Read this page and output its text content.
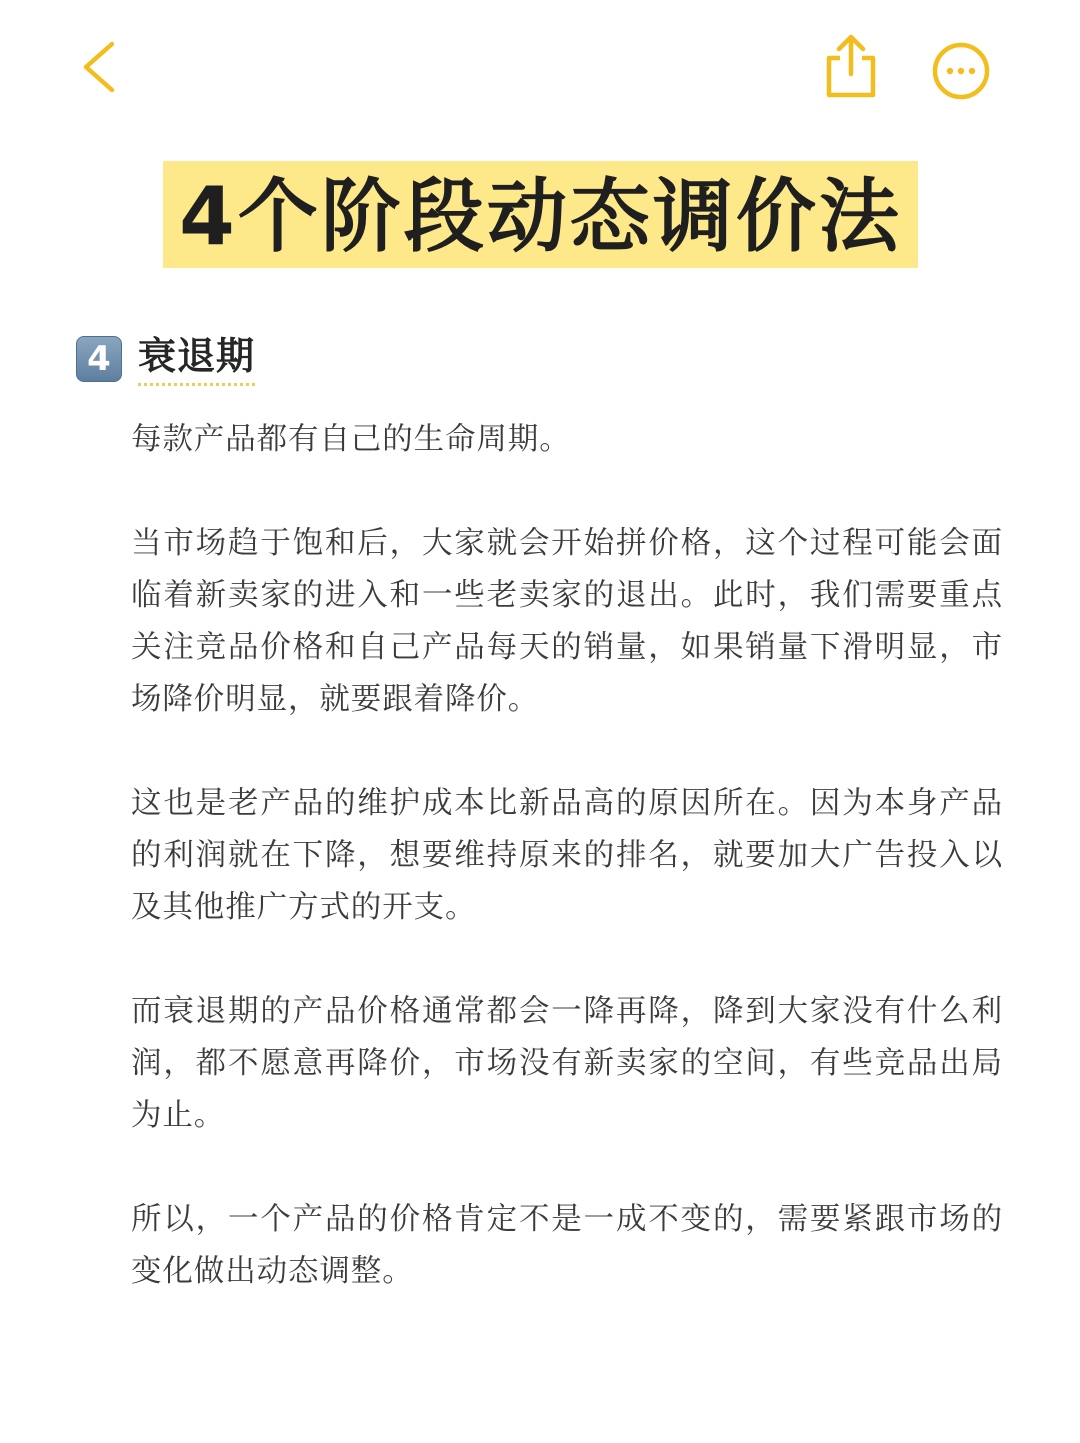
4个阶段动态调价法
4 衰退期

每款产品都有自己的生命周期。

当市场趋于饱和后，大家就会开始拼价格，这个过程可能会面临着新卖家的进入和一些老卖家的退出。此时，我们需要重点关注竞品价格和自己产品每天的销量，如果销量下滑明显，市场降价明显，就要跟着降价。

这也是老产品的维护成本比新品高的原因所在。因为本身产品的利润就在下降，想要维持原来的排名，就要加大广告投入以及其他推广方式的开支。

而衰退期的产品价格通常都会一降再降，降到大家没有什么利润，都不愿意再降价，市场没有新卖家的空间，有些竞品出局为止。

所以，一个产品的价格肯定不是一成不变的，需要紧跟市场的变化做出动态调整。
